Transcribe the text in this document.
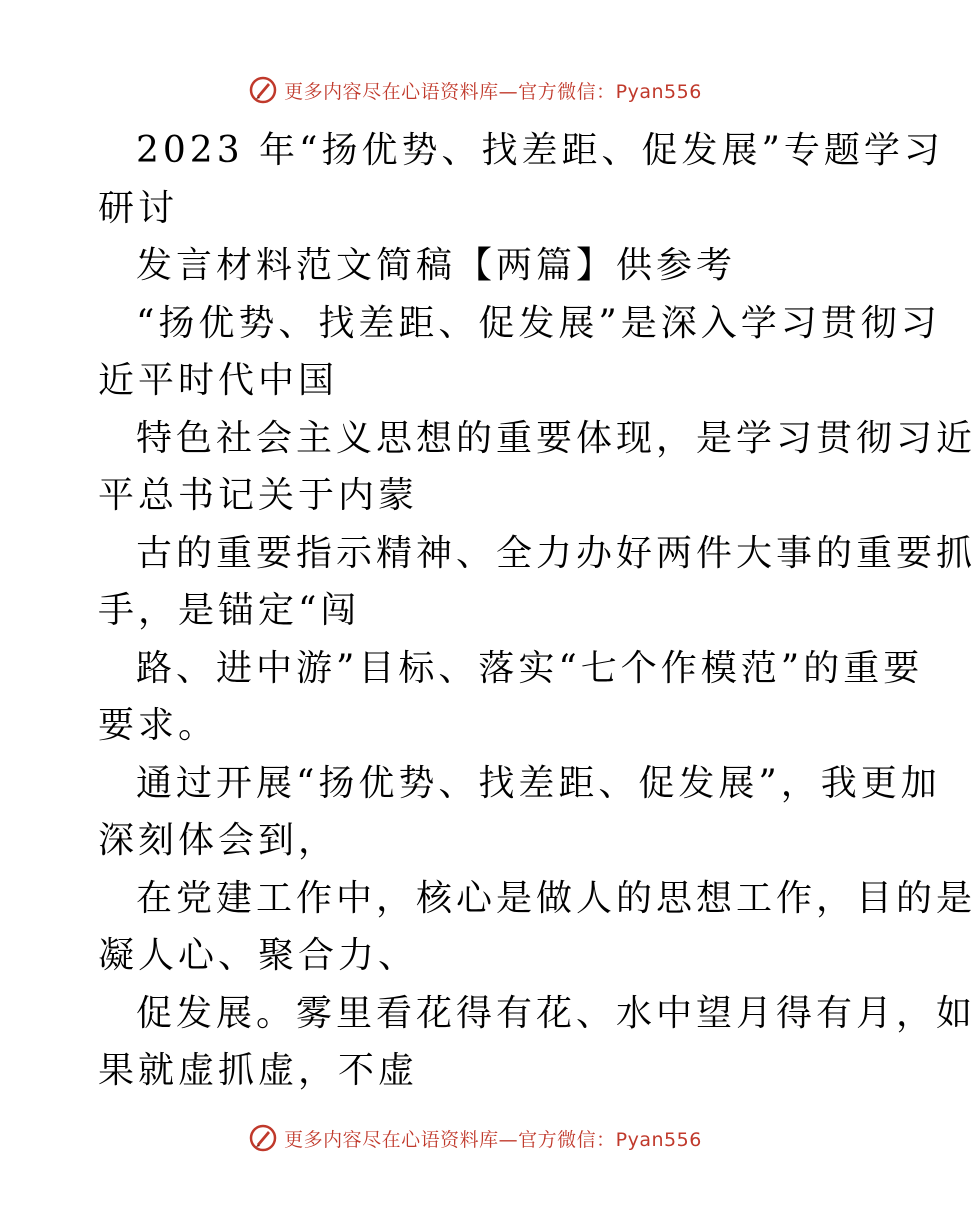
更多内容尽在心语资料库—官方微信：Pyan556
2023 年“扬优势、找差距、促发展”专题学习
研讨
发言材料范文简稿【两篇】供参考
“扬优势、找差距、促发展”是深入学习贯彻习
近平时代中国
特色社会主义思想的重要体现，是学习贯彻习近
平总书记关于内蒙
古的重要指示精神、全力办好两件大事的重要抓
手，是锚定“闯
路、进中游”目标、落实“七个作模范”的重要
要求。
通过开展“扬优势、找差距、促发展”，我更加
深刻体会到，
在党建工作中，核心是做人的思想工作，目的是
凝人心、聚合力、
促发展。雾里看花得有花、水中望月得有月，如
果就虚抓虚，不虚
更多内容尽在心语资料库—官方微信：Pyan556
